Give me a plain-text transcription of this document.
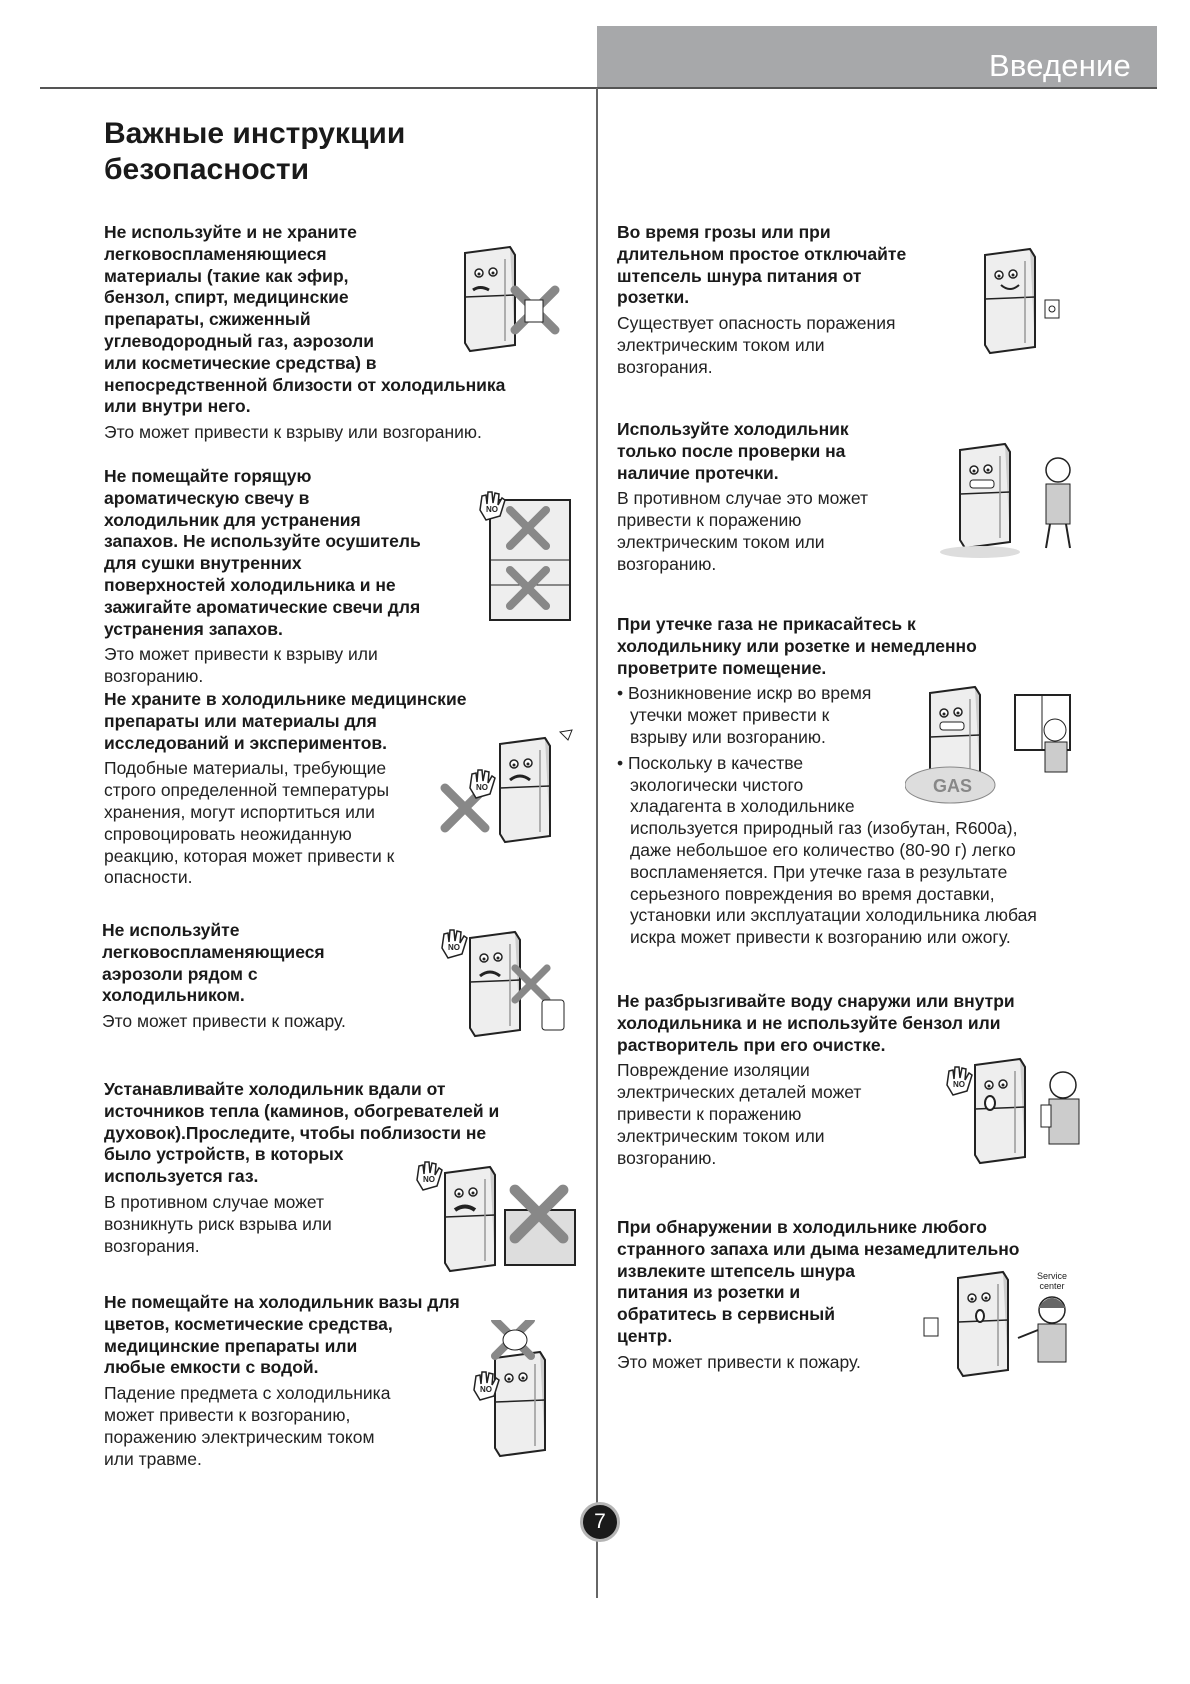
Введение
Важные инструкции
безопасности
Не используйте и не храните
легковоспламеняющиеся
материалы (такие как эфир,
бензол, спирт, медицинские
препараты, сжиженный
углеводородный газ, аэрозоли
или косметические средства) в
непосредственной близости от холодильника
или внутри него.

Это может привести к взрыву или возгоранию.

Не помещайте горящую
ароматическую свечу в
холодильник для устранения
запахов. Не используйте осушитель
для сушки внутренних
поверхностей холодильника и не
зажигайте ароматические свечи для
устранения запахов.

Это может привести к взрыву или возгоранию.

Не храните в холодильнике медицинские
препараты или материалы для
исследований и экспериментов.

Подобные материалы, требующие
строго определенной температуры
хранения, могут испортиться или
спровоцировать неожиданную
реакцию, которая может привести к
опасности.

Не используйте
легковоспламеняющиеся
аэрозоли рядом с
холодильником.

Это может привести к пожару.

Устанавливайте холодильник вдали от
источников тепла (каминов, обогревателей и
духовок).Проследите, чтобы поблизости не
было устройств, в которых
используется газ.

В противном случае может
возникнуть риск взрыва или
возгорания.

Не помещайте на холодильник вазы для
цветов, косметические средства,
медицинские препараты или
любые емкости с водой.

Падение предмета с холодильника
может привести к возгоранию,
поражению электрическим током
или травме.

Во время грозы или при
длительном простое отключайте
штепсель шнура питания от
розетки.

Существует опасность поражения
электрическим током или
возгорания.

Используйте холодильник
только после проверки на
наличие протечки.

В противном случае это может
привести к поражению
электрическим током или
возгоранию.

При утечке газа не прикасайтесь к
холодильнику или розетке и немедленно
проветрите помещение.
• Возникновение искр во время
утечки может привести к
взрыву или возгоранию.
• Поскольку в качестве
экологически чистого
хладагента в холодильнике
используется природный газ (изобутан, R600a),
даже небольшое его количество (80-90 г) легко
воспламеняется. При утечке газа в результате
серьезного повреждения во время доставки,
установки или эксплуатации холодильника любая
искра может привести к возгоранию или ожогу.
GAS
Не разбрызгивайте воду снаружи или внутри
холодильника и не используйте бензол или
растворитель при его очистке.

Повреждение изоляции
электрических деталей может
привести к поражению
электрическим током или
возгоранию.

При обнаружении в холодильнике любого
странного запаха или дыма незамедлительно
извлеките штепсель шнура
питания из розетки и
обратитесь в сервисный
центр.

Это может привести к пожару.

Service
center
7
